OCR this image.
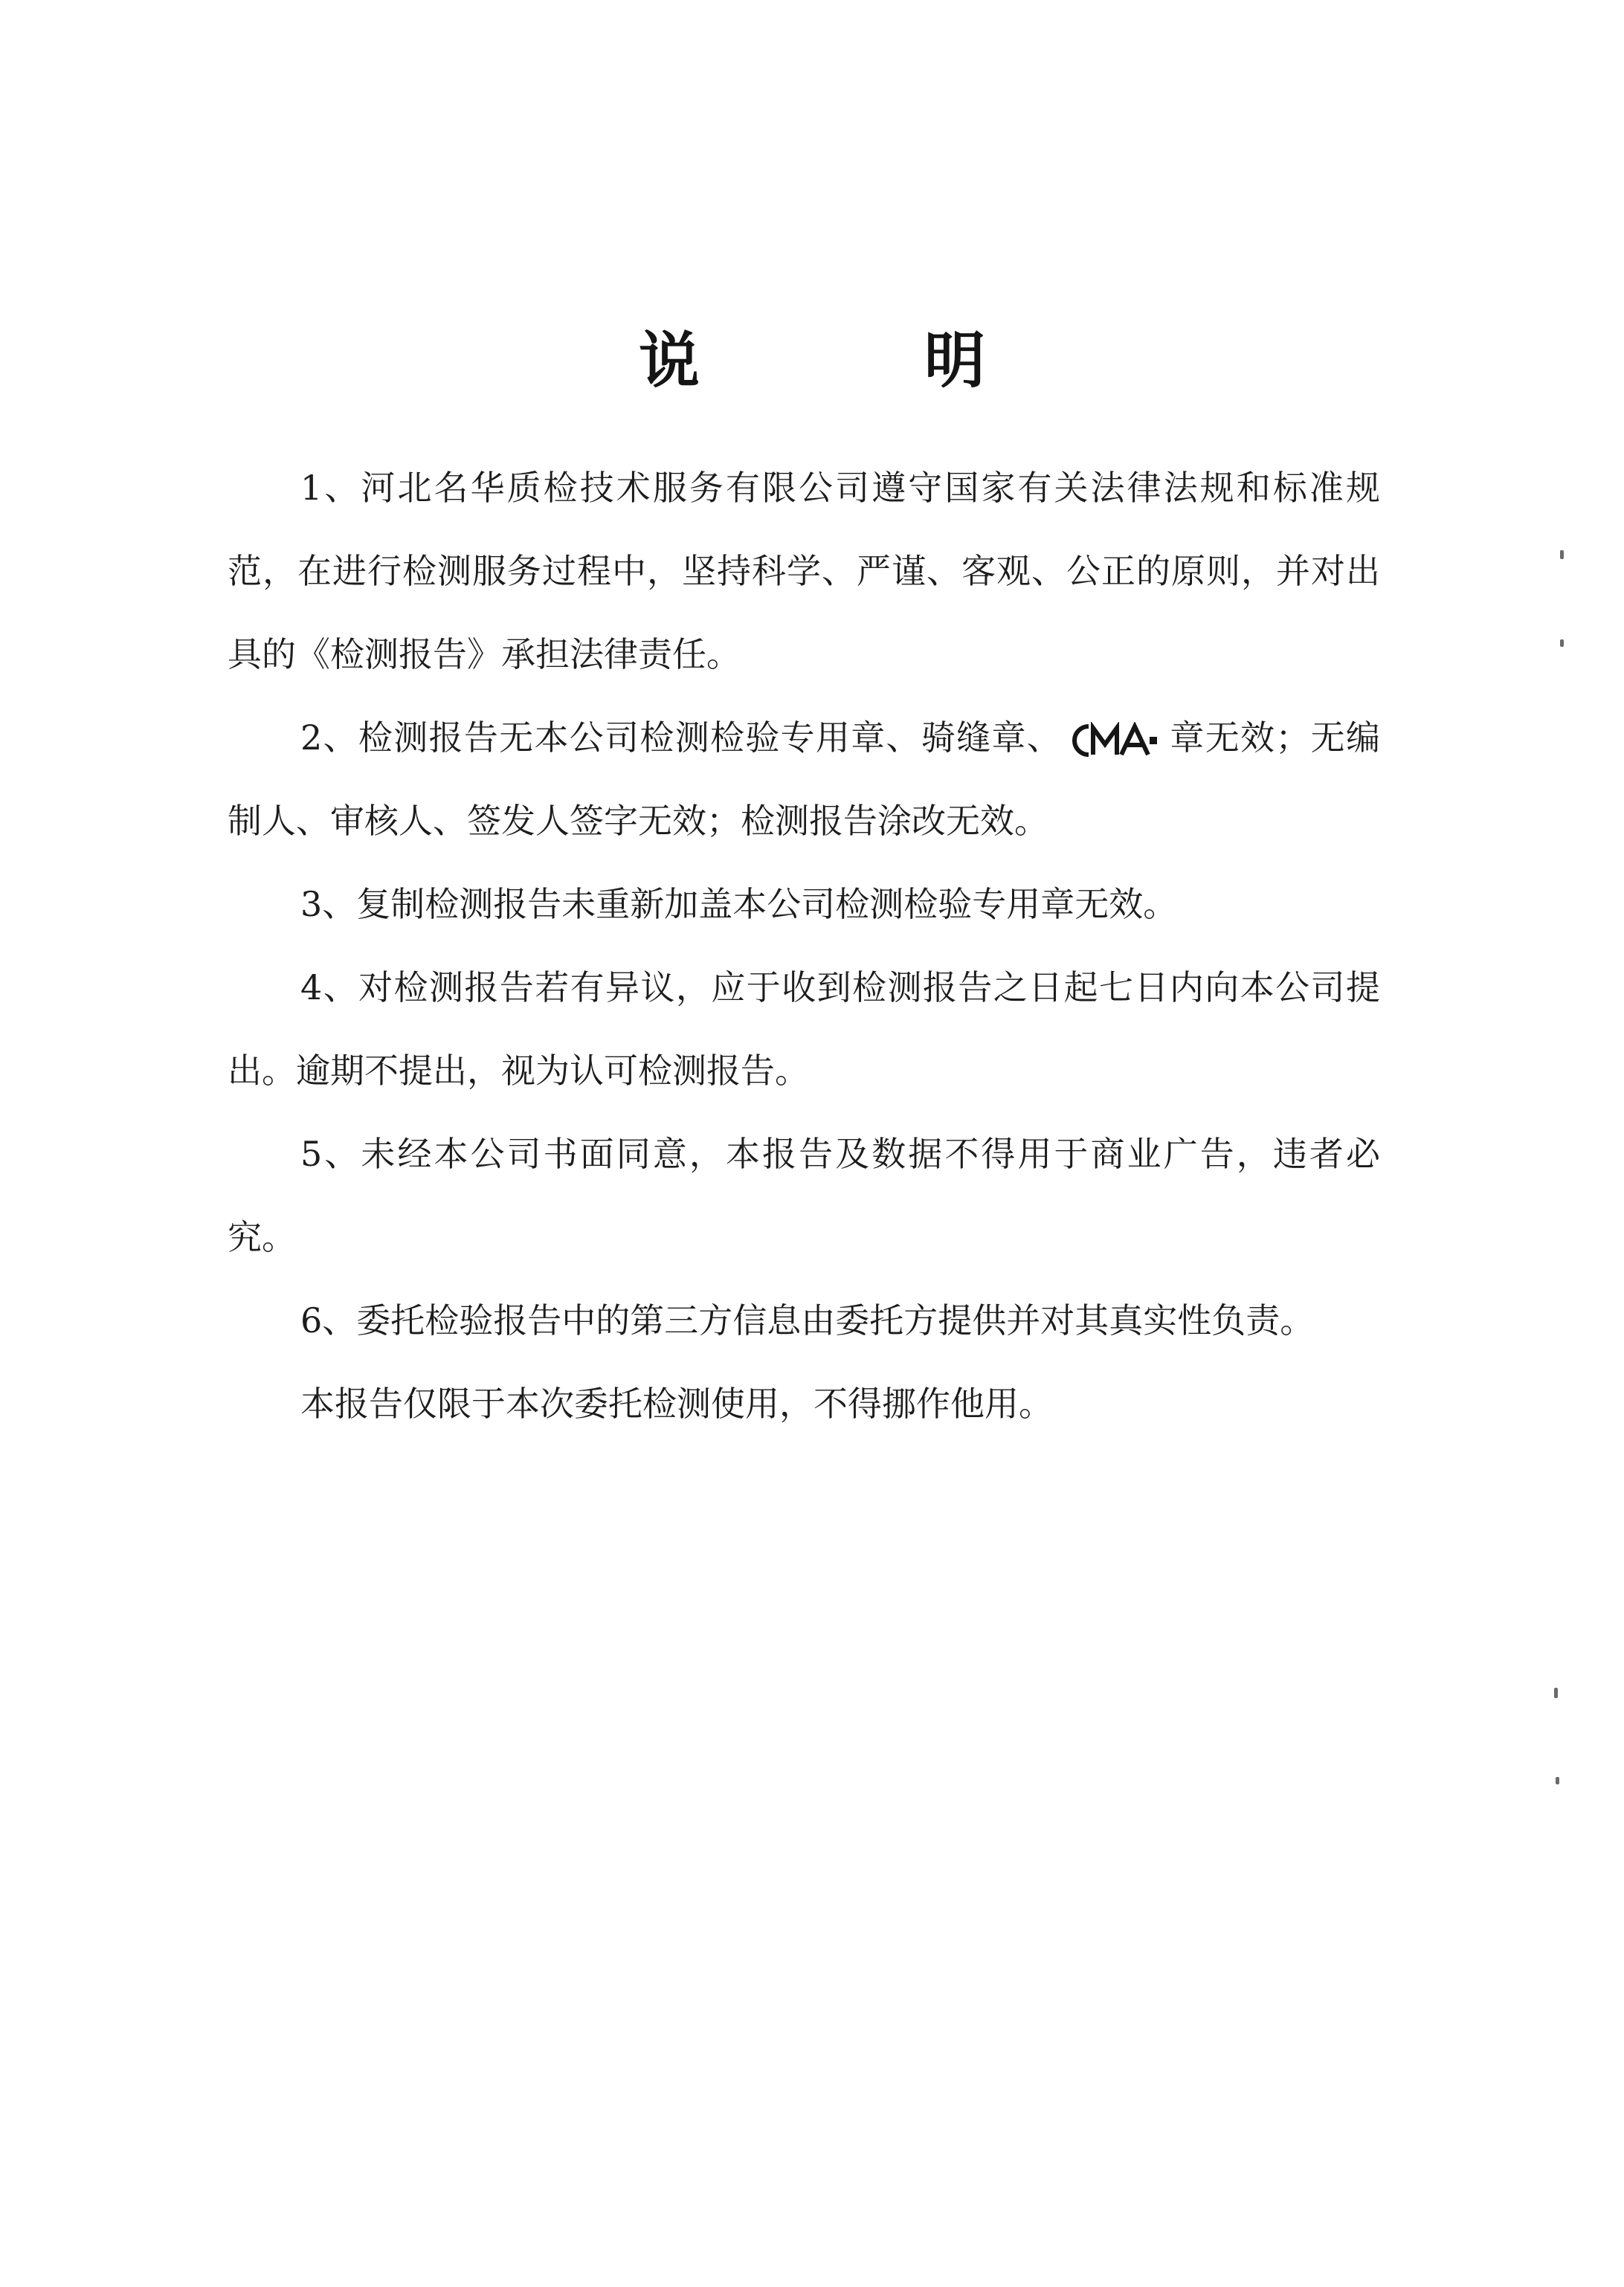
说　明

1、河北名华质检技术服务有限公司遵守国家有关法律法规和标准规范，在进行检测服务过程中，坚持科学、严谨、客观、公正的原则，并对出具的《检测报告》承担法律责任。

2、检测报告无本公司检测检验专用章、骑缝章、	章无效；无编制人、审核人、签发人签字无效；检测报告涂改无效。

3、复制检测报告未重新加盖本公司检测检验专用章无效。

4、对检测报告若有异议，应于收到检测报告之日起七日内向本公司提出。逾期不提出，视为认可检测报告。

5、未经本公司书面同意，本报告及数据不得用于商业广告，违者必究。

6、委托检验报告中的第三方信息由委托方提供并对其真实性负责。

本报告仅限于本次委托检测使用，不得挪作他用。
